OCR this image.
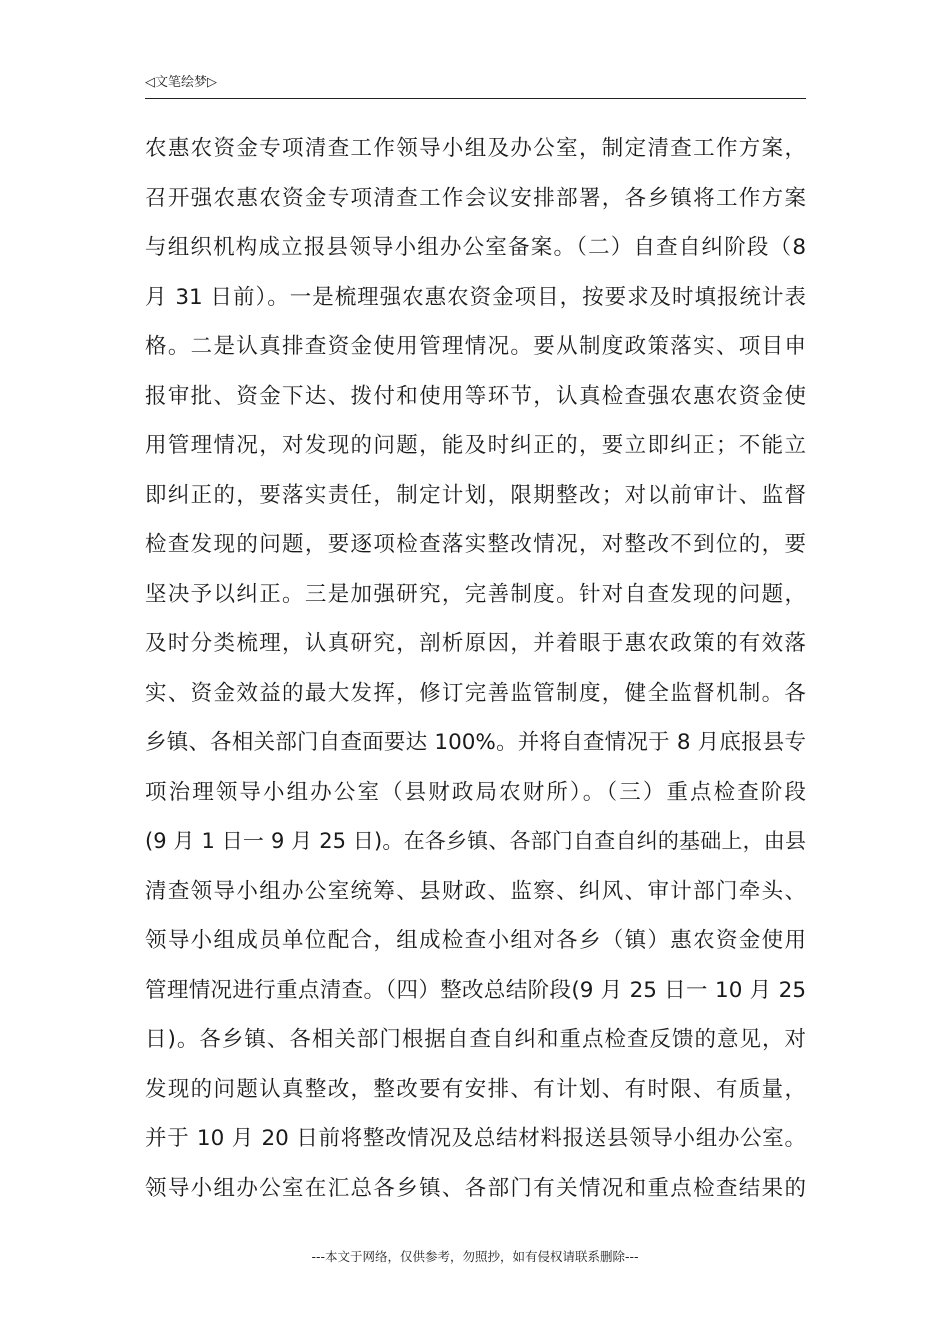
◁文笔绘梦▷
农惠农资金专项清查工作领导小组及办公室，制定清查工作方案，
召开强农惠农资金专项清查工作会议安排部署，各乡镇将工作方案
与组织机构成立报县领导小组办公室备案。（二）自查自纠阶段（8
月 31 日前）。一是梳理强农惠农资金项目，按要求及时填报统计表
格。二是认真排查资金使用管理情况。要从制度政策落实、项目申
报审批、资金下达、拨付和使用等环节，认真检查强农惠农资金使
用管理情况，对发现的问题，能及时纠正的，要立即纠正；不能立
即纠正的，要落实责任，制定计划，限期整改；对以前审计、监督
检查发现的问题，要逐项检查落实整改情况，对整改不到位的，要
坚决予以纠正。三是加强研究，完善制度。针对自查发现的问题，
及时分类梳理，认真研究，剖析原因，并着眼于惠农政策的有效落
实、资金效益的最大发挥，修订完善监管制度，健全监督机制。各
乡镇、各相关部门自查面要达 100%。并将自查情况于 8 月底报县专
项治理领导小组办公室（县财政局农财所）。（三）重点检查阶段
(9 月 1 日一 9 月 25 日)。在各乡镇、各部门自查自纠的基础上，由县
清查领导小组办公室统筹、县财政、监察、纠风、审计部门牵头、
领导小组成员单位配合，组成检查小组对各乡（镇）惠农资金使用
管理情况进行重点清查。（四）整改总结阶段(9 月 25 日一 10 月 25
日)。各乡镇、各相关部门根据自查自纠和重点检查反馈的意见，对
发现的问题认真整改，整改要有安排、有计划、有时限、有质量，
并于 10 月 20 日前将整改情况及总结材料报送县领导小组办公室。
领导小组办公室在汇总各乡镇、各部门有关情况和重点检查结果的
---本文于网络，仅供参考，勿照抄，如有侵权请联系删除---
